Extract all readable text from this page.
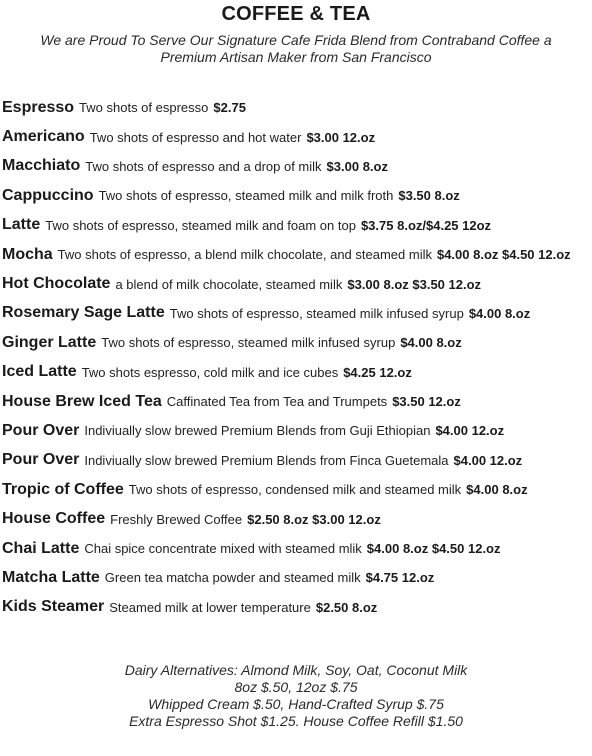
COFFEE & TEA
We are Proud To Serve Our Signature Cafe Frida Blend from Contraband Coffee a
Premium Artisan Maker from San Francisco
Espresso Two shots of espresso $2.75
Americano Two shots of espresso and hot water $3.00 12.oz
Macchiato Two shots of espresso and a drop of milk $3.00 8.oz
Cappuccino Two shots of espresso, steamed milk and milk froth $3.50 8.oz
Latte Two shots of espresso, steamed milk and foam on top $3.75 8.oz/$4.25 12oz
Mocha Two shots of espresso, a blend milk chocolate, and steamed milk $4.00 8.oz $4.50 12.oz
Hot Chocolate a blend of milk chocolate, steamed milk $3.00 8.oz $3.50 12.oz
Rosemary Sage Latte Two shots of espresso, steamed milk infused syrup $4.00 8.oz
Ginger Latte Two shots of espresso, steamed milk infused syrup $4.00 8.oz
Iced Latte Two shots espresso, cold milk and ice cubes $4.25 12.oz
House Brew Iced Tea Caffinated Tea from Tea and Trumpets $3.50 12.oz
Pour Over Indiviually slow brewed Premium Blends from Guji Ethiopian $4.00 12.oz
Pour Over Indiviually slow brewed Premium Blends from Finca Guetemala $4.00 12.oz
Tropic of Coffee Two shots of espresso, condensed milk and steamed milk $4.00 8.oz
House Coffee Freshly Brewed Coffee $2.50 8.oz $3.00 12.oz
Chai Latte Chai spice concentrate mixed with steamed mlik $4.00 8.oz $4.50 12.oz
Matcha Latte Green tea matcha powder and steamed milk $4.75 12.oz
Kids Steamer Steamed milk at lower temperature $2.50 8.oz
Dairy Alternatives: Almond Milk, Soy, Oat, Coconut Milk
8oz $.50, 12oz $.75
Whipped Cream $.50, Hand-Crafted Syrup $.75
Extra Espresso Shot $1.25. House Coffee Refill $1.50
